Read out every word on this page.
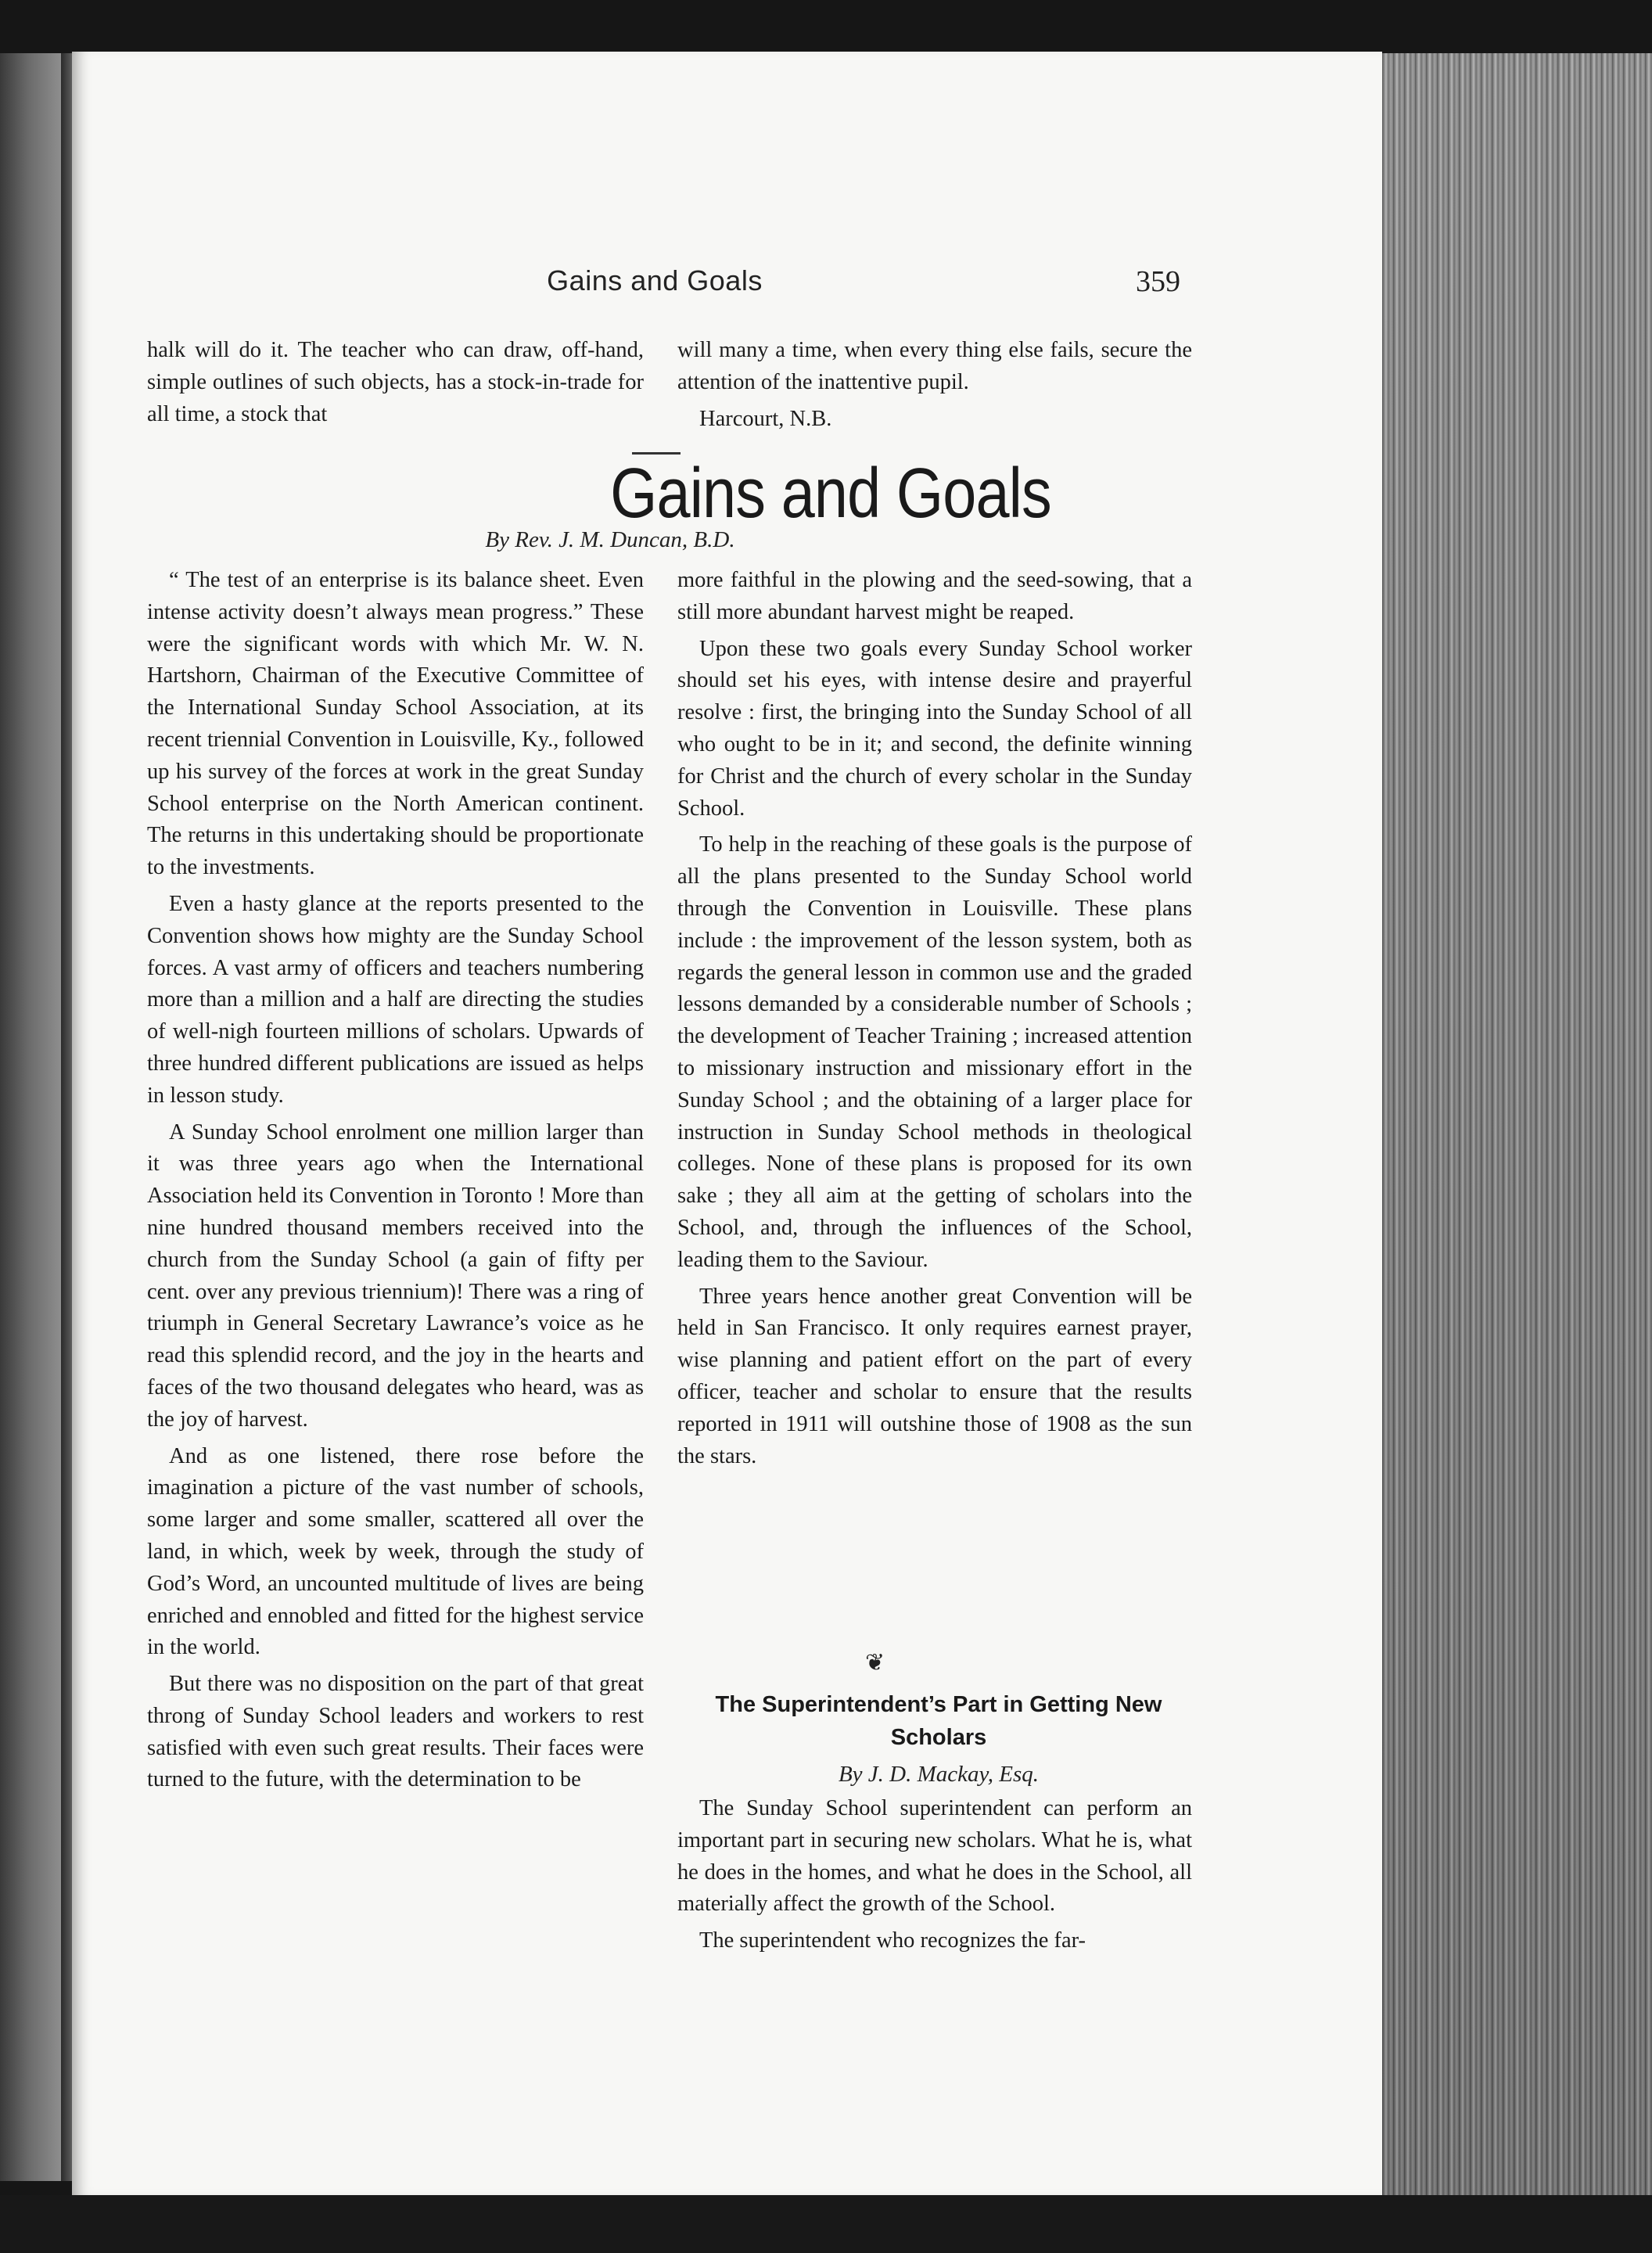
Gains and Goals	359

halk will do it. The teacher who can draw, off-hand, simple outlines of such objects, has a stock-in-trade for all time, a stock that

will many a time, when every thing else fails, secure the attention of the inattentive pupil.

Harcourt, N.B.

Gains and Goals
By Rev. J. M. Duncan, B.D.

“ The test of an enterprise is its balance sheet. Even intense activity doesn’t always mean progress.” These were the significant words with which Mr. W. N. Hartshorn, Chairman of the Executive Committee of the International Sunday School Association, at its recent triennial Convention in Louisville, Ky., followed up his survey of the forces at work in the great Sunday School enterprise on the North American continent. The returns in this undertaking should be proportionate to the investments.

Even a hasty glance at the reports presented to the Convention shows how mighty are the Sunday School forces. A vast army of officers and teachers numbering more than a million and a half are directing the studies of well-nigh fourteen millions of scholars. Upwards of three hundred different publications are issued as helps in lesson study.

A Sunday School enrolment one million larger than it was three years ago when the International Association held its Convention in Toronto ! More than nine hundred thousand members received into the church from the Sunday School (a gain of fifty per cent. over any previous triennium)! There was a ring of triumph in General Secretary Lawrance’s voice as he read this splendid record, and the joy in the hearts and faces of the two thousand delegates who heard, was as the joy of harvest.

And as one listened, there rose before the imagination a picture of the vast number of schools, some larger and some smaller, scattered all over the land, in which, week by week, through the study of God’s Word, an uncounted multitude of lives are being enriched and ennobled and fitted for the highest service in the world.

But there was no disposition on the part of that great throng of Sunday School leaders and workers to rest satisfied with even such great results. Their faces were turned to the future, with the determination to be

more faithful in the plowing and the seed-sowing, that a still more abundant harvest might be reaped.

Upon these two goals every Sunday School worker should set his eyes, with intense desire and prayerful resolve : first, the bringing into the Sunday School of all who ought to be in it; and second, the definite winning for Christ and the church of every scholar in the Sunday School.

To help in the reaching of these goals is the purpose of all the plans presented to the Sunday School world through the Convention in Louisville. These plans include : the improvement of the lesson system, both as regards the general lesson in common use and the graded lessons demanded by a considerable number of Schools ; the development of Teacher Training ; increased attention to missionary instruction and missionary effort in the Sunday School ; and the obtaining of a larger place for instruction in Sunday School methods in theological colleges. None of these plans is proposed for its own sake ; they all aim at the getting of scholars into the School, and, through the influences of the School, leading them to the Saviour.

Three years hence another great Convention will be held in San Francisco. It only requires earnest prayer, wise planning and patient effort on the part of every officer, teacher and scholar to ensure that the results reported in 1911 will outshine those of 1908 as the sun the stars.

❦
The Superintendent’s Part in Getting New Scholars
By J. D. Mackay, Esq.

The Sunday School superintendent can perform an important part in securing new scholars. What he is, what he does in the homes, and what he does in the School, all materially affect the growth of the School.

The superintendent who recognizes the far-
